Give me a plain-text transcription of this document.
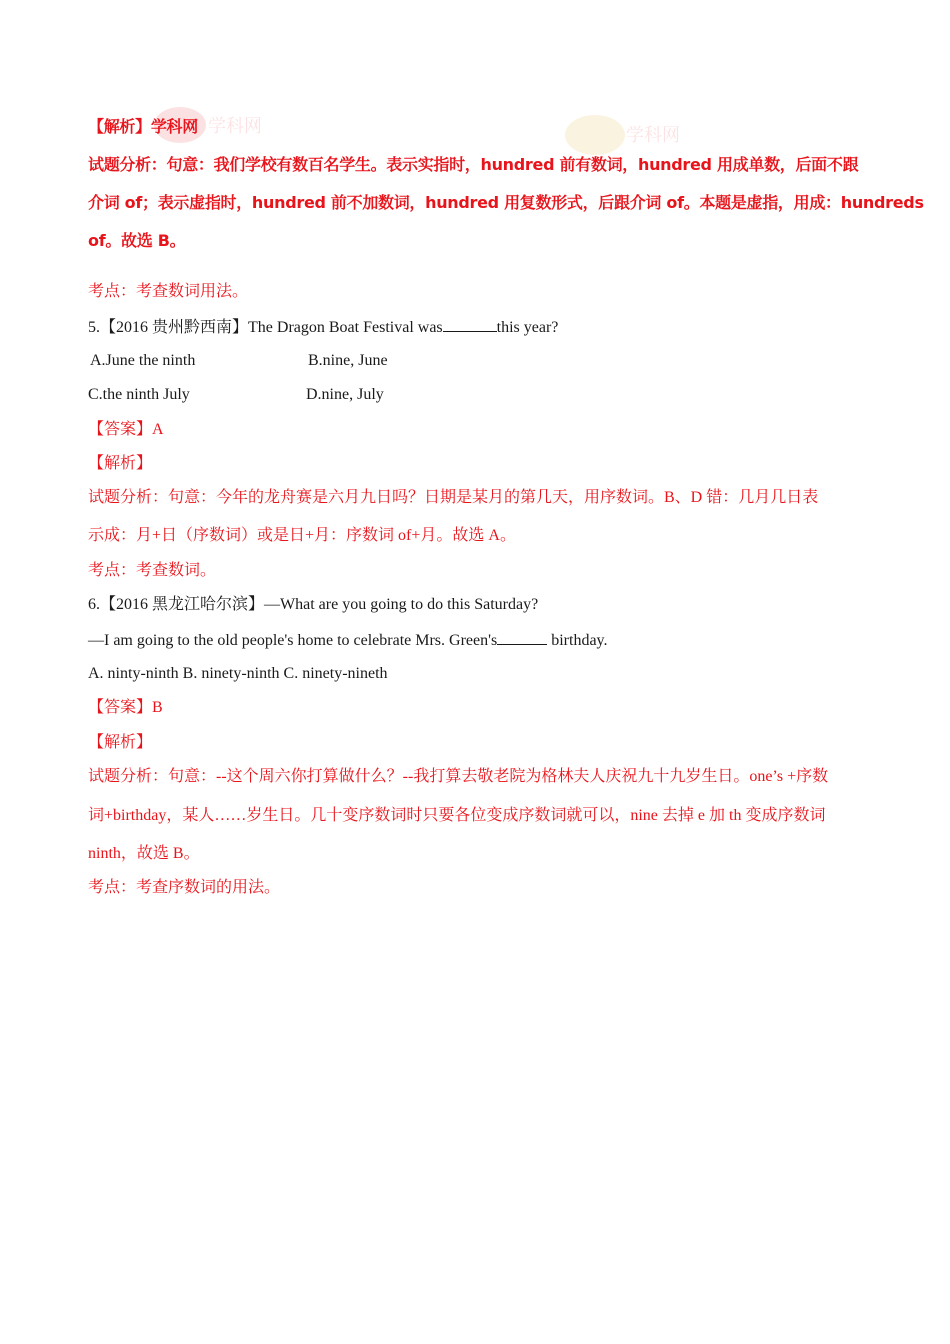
学科网	学科网
【解析】学科网
试题分析：句意：我们学校有数百名学生。表示实指时，hundred 前有数词，hundred 用成单数，后面不跟
介词 of；表示虚指时，hundred 前不加数词，hundred 用复数形式，后跟介词 of。本题是虚指，用成：hundreds
of。故选 B。
考点：考查数词用法。
5.【2016 贵州黔西南】The Dragon Boat Festival was	this year?
A.June the ninth	B.nine, June
C.the ninth July	D.nine, July
【答案】A
【解析】
试题分析：句意：今年的龙舟赛是六月九日吗？日期是某月的第几天，用序数词。B、D 错：几月几日表
示成：月+日（序数词）或是日+月：序数词 of+月。故选 A。
考点：考查数词。
6.【2016 黑龙江哈尔滨】—What are you going to do this Saturday?
—I am going to the old people's home to celebrate Mrs. Green's	birthday.
A. ninty-ninth B. ninety-ninth C. ninety-nineth
【答案】B
【解析】
试题分析：句意：--这个周六你打算做什么？--我打算去敬老院为格林夫人庆祝九十九岁生日。one’s +序数
词+birthday，某人……岁生日。几十变序数词时只要各位变成序数词就可以，nine 去掉 e 加 th 变成序数词
ninth，故选 B。
考点：考查序数词的用法。
